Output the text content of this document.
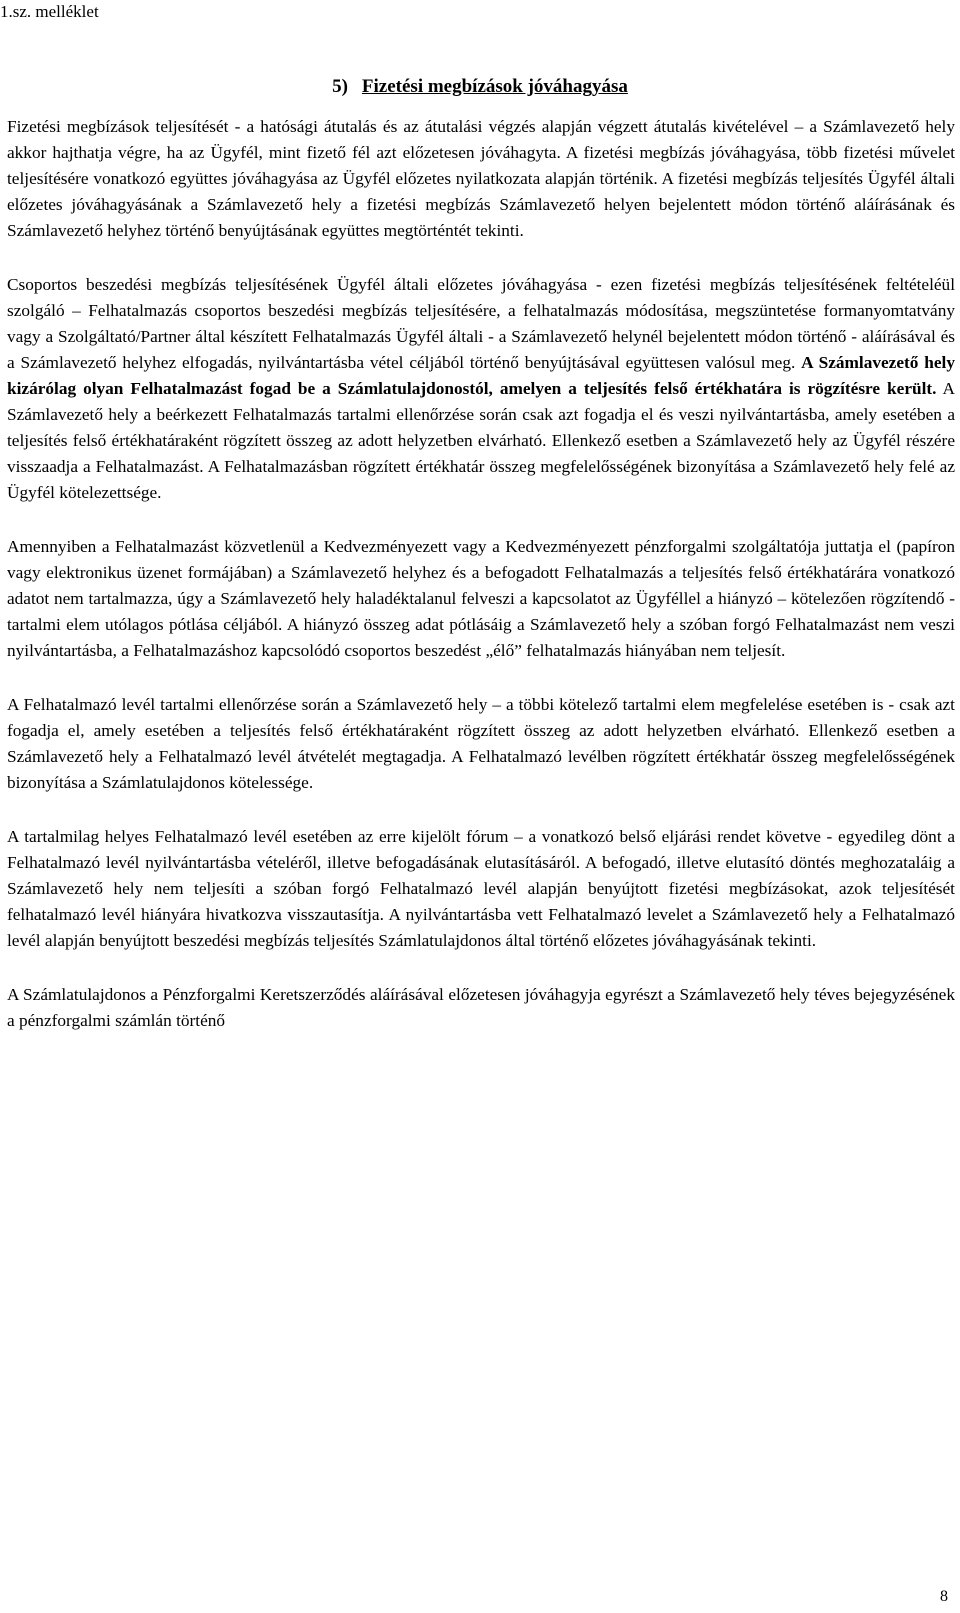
1.sz. melléklet
5) Fizetési megbízások jóváhagyása

Fizetési megbízások teljesítését - a hatósági átutalás és az átutalási végzés alapján végzett átutalás kivételével – a Számlavezető hely akkor hajthatja végre, ha az Ügyfél, mint fizető fél azt előzetesen jóváhagyta. A fizetési megbízás jóváhagyása, több fizetési művelet teljesítésére vonatkozó együttes jóváhagyása az Ügyfél előzetes nyilatkozata alapján történik. A fizetési megbízás teljesítés Ügyfél általi előzetes jóváhagyásának a Számlavezető hely a fizetési megbízás Számlavezető helyen bejelentett módon történő aláírásának és Számlavezető helyhez történő benyújtásának együttes megtörténtét tekinti.

Csoportos beszedési megbízás teljesítésének Ügyfél általi előzetes jóváhagyása - ezen fizetési megbízás teljesítésének feltételéül szolgáló – Felhatalmazás csoportos beszedési megbízás teljesítésére, a felhatalmazás módosítása, megszüntetése formanyomtatvány vagy a Szolgáltató/Partner által készített Felhatalmazás Ügyfél általi - a Számlavezető helynél bejelentett módon történő - aláírásával és a Számlavezető helyhez elfogadás, nyilvántartásba vétel céljából történő benyújtásával együttesen valósul meg. A Számlavezető hely kizárólag olyan Felhatalmazást fogad be a Számlatulajdonostól, amelyen a teljesítés felső értékhatára is rögzítésre került. A Számlavezető hely a beérkezett Felhatalmazás tartalmi ellenőrzése során csak azt fogadja el és veszi nyilvántartásba, amely esetében a teljesítés felső értékhatáraként rögzített összeg az adott helyzetben elvárható. Ellenkező esetben a Számlavezető hely az Ügyfél részére visszaadja a Felhatalmazást. A Felhatalmazásban rögzített értékhatár összeg megfelelősségének bizonyítása a Számlavezető hely felé az Ügyfél kötelezettsége.

Amennyiben a Felhatalmazást közvetlenül a Kedvezményezett vagy a Kedvezményezett pénzforgalmi szolgáltatója juttatja el (papíron vagy elektronikus üzenet formájában) a Számlavezető helyhez és a befogadott Felhatalmazás a teljesítés felső értékhatárára vonatkozó adatot nem tartalmazza, úgy a Számlavezető hely haladéktalanul felveszi a kapcsolatot az Ügyféllel a hiányzó – kötelezően rögzítendő - tartalmi elem utólagos pótlása céljából. A hiányzó összeg adat pótlásáig a Számlavezető hely a szóban forgó Felhatalmazást nem veszi nyilvántartásba, a Felhatalmazáshoz kapcsolódó csoportos beszedést „élő” felhatalmazás hiányában nem teljesít.

A Felhatalmazó levél tartalmi ellenőrzése során a Számlavezető hely – a többi kötelező tartalmi elem megfelelése esetében is - csak azt fogadja el, amely esetében a teljesítés felső értékhatáraként rögzített összeg az adott helyzetben elvárható. Ellenkező esetben a Számlavezető hely a Felhatalmazó levél átvételét megtagadja. A Felhatalmazó levélben rögzített értékhatár összeg megfelelősségének bizonyítása a Számlatulajdonos kötelessége.

A tartalmilag helyes Felhatalmazó levél esetében az erre kijelölt fórum – a vonatkozó belső eljárási rendet követve - egyedileg dönt a Felhatalmazó levél nyilvántartásba vételéről, illetve befogadásának elutasításáról. A befogadó, illetve elutasító döntés meghozataláig a Számlavezető hely nem teljesíti a szóban forgó Felhatalmazó levél alapján benyújtott fizetési megbízásokat, azok teljesítését felhatalmazó levél hiányára hivatkozva visszautasítja. A nyilvántartásba vett Felhatalmazó levelet a Számlavezető hely a Felhatalmazó levél alapján benyújtott beszedési megbízás teljesítés Számlatulajdonos által történő előzetes jóváhagyásának tekinti.

A Számlatulajdonos a Pénzforgalmi Keretszerződés aláírásával előzetesen jóváhagyja egyrészt a Számlavezető hely téves bejegyzésének a pénzforgalmi számlán történő

8
